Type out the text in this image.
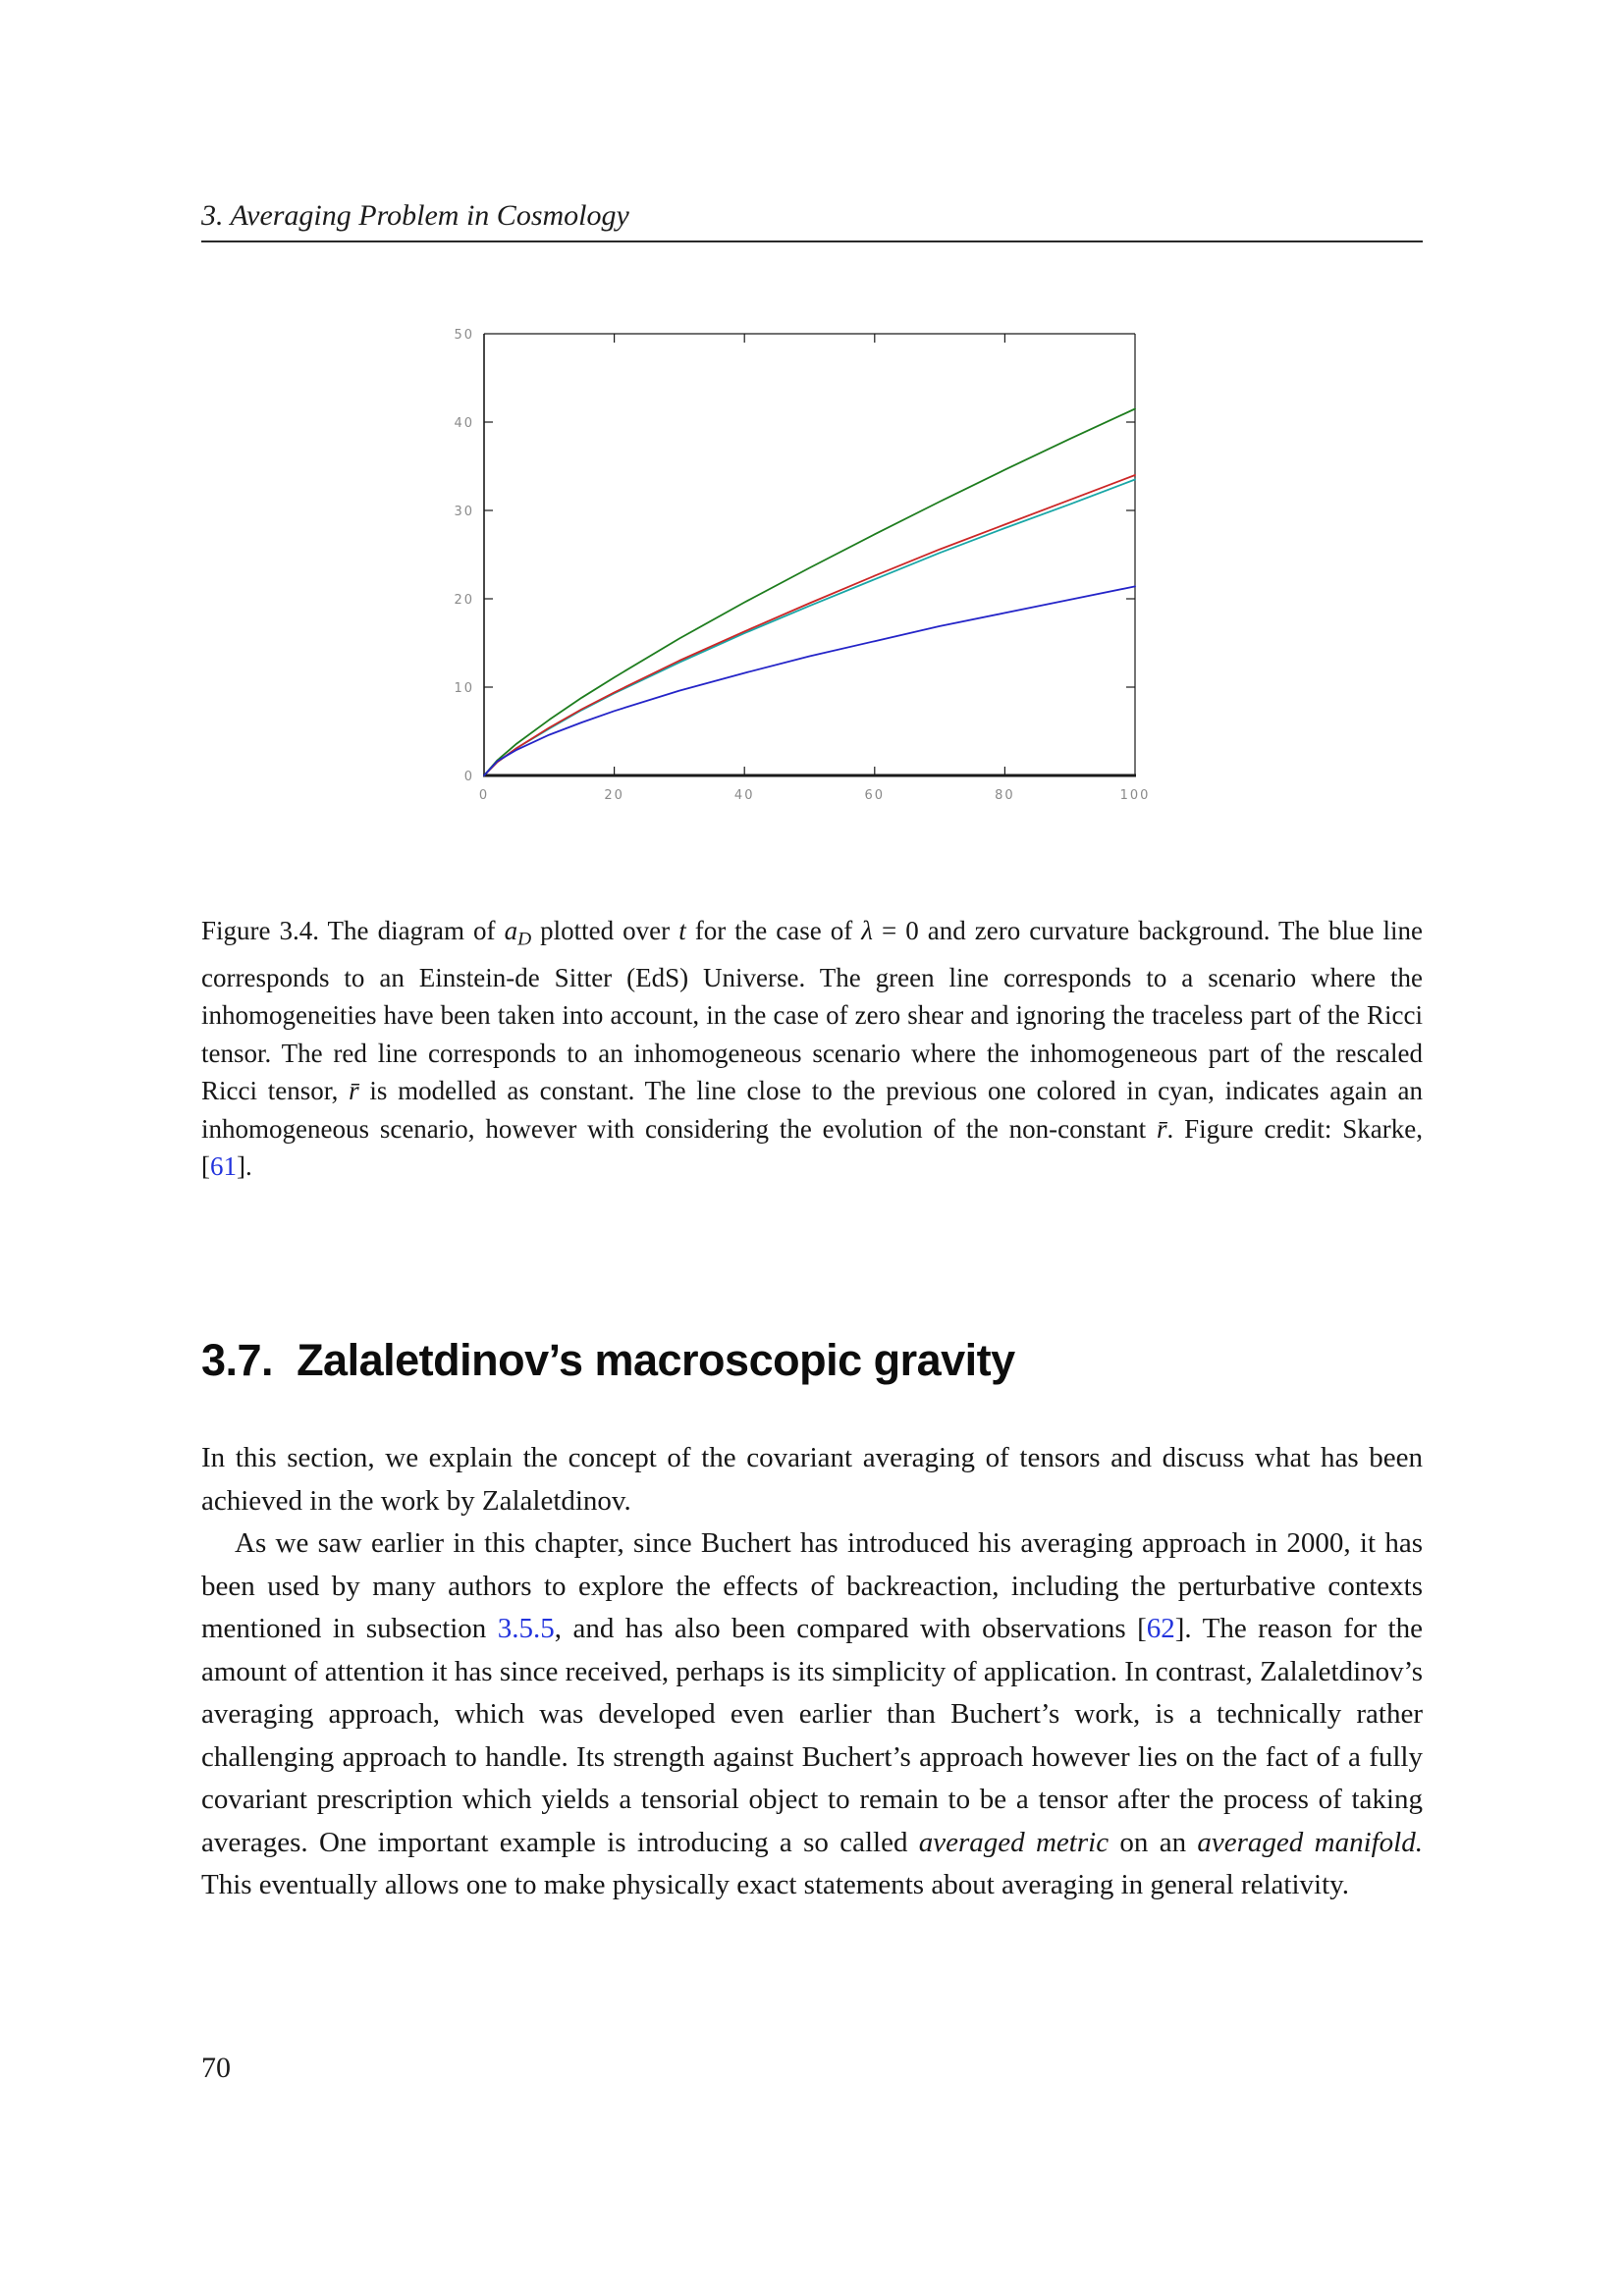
3. Averaging Problem in Cosmology
0	20	40	60	80	100
0
10
20
30
40
50
Figure 3.4. The diagram of $a_D$ plotted over t for the case of λ = 0 and zero curvature background. The blue line corresponds to an Einstein-de Sitter (EdS) Universe. The green line corresponds to a scenario where the inhomogeneities have been taken into account, in the case of zero shear and ignoring the traceless part of the Ricci tensor. The red line corresponds to an inhomogeneous scenario where the inhomogeneous part of the rescaled Ricci tensor, r̄ is modelled as constant. The line close to the previous one colored in cyan, indicates again an inhomogeneous scenario, however with considering the evolution of the non-constant r̄. Figure credit: Skarke, [61].
3.7. Zalaletdinov’s macroscopic gravity

In this section, we explain the concept of the covariant averaging of tensors and discuss what has been achieved in the work by Zalaletdinov.

As we saw earlier in this chapter, since Buchert has introduced his averaging approach in 2000, it has been used by many authors to explore the effects of backreaction, including the perturbative contexts mentioned in subsection 3.5.5, and has also been compared with observations [62]. The reason for the amount of attention it has since received, perhaps is its simplicity of application. In contrast, Zalaletdinov’s averaging approach, which was developed even earlier than Buchert’s work, is a technically rather challenging approach to handle. Its strength against Buchert’s approach however lies on the fact of a fully covariant prescription which yields a tensorial object to remain to be a tensor after the process of taking averages. One important example is introducing a so called averaged metric on an averaged manifold. This eventually allows one to make physically exact statements about averaging in general relativity.

70
